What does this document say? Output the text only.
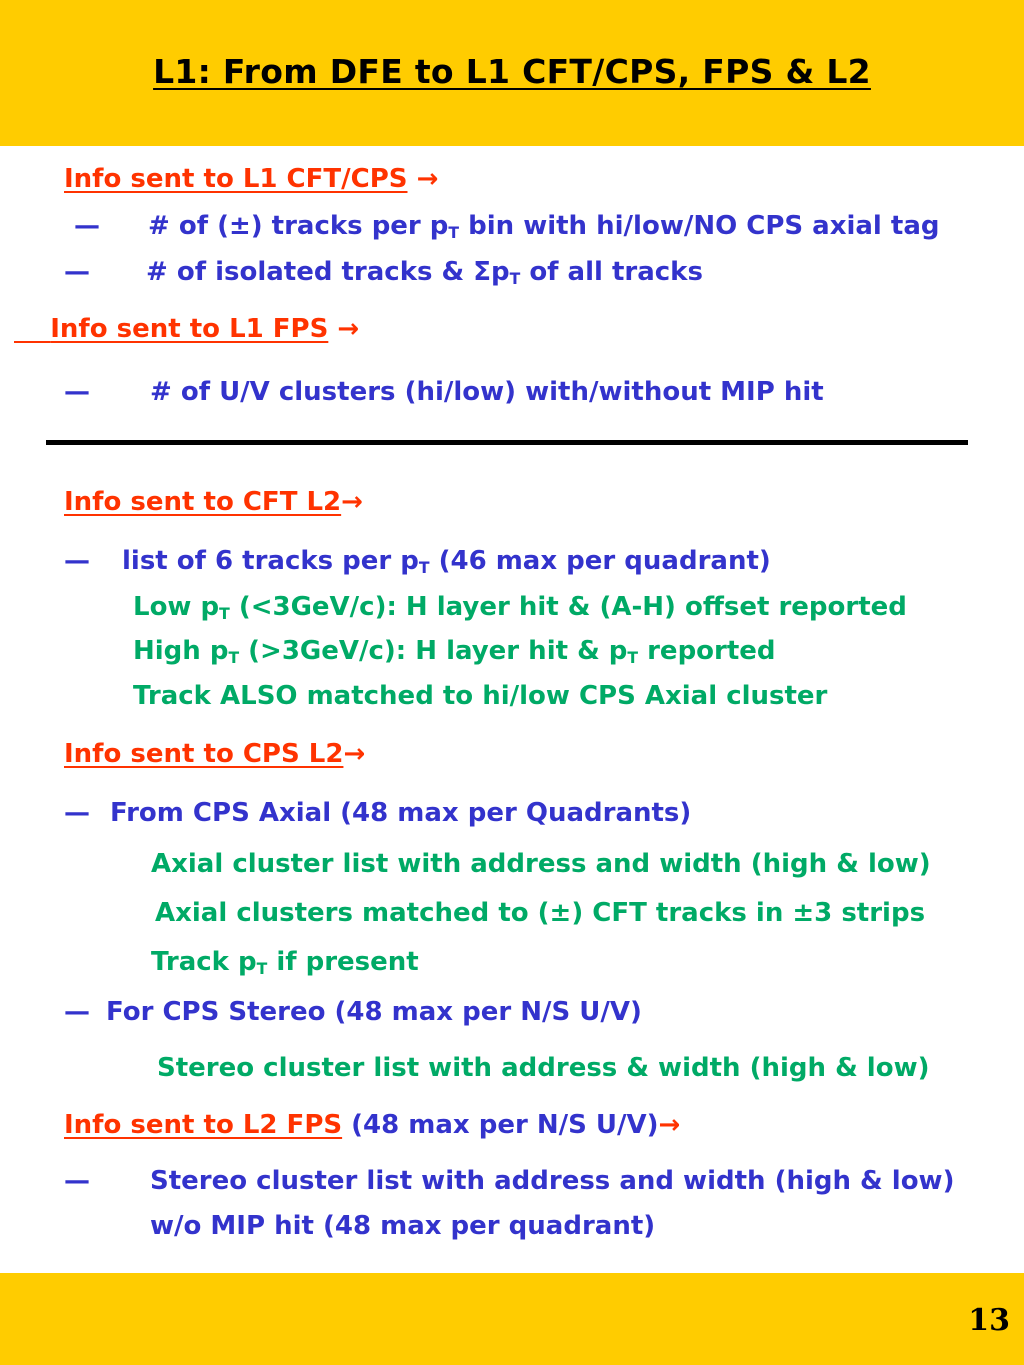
L1: From DFE to L1 CFT/CPS, FPS & L2
Info sent to L1 CFT/CPS →
— # of (±) tracks per $p_T$ bin with hi/low/NO CPS axial tag
— # of isolated tracks & $\Sigma p_T$ of all tracks
Info sent to L1 FPS →
— # of U/V clusters (hi/low) with/without MIP hit
Info sent to CFT L2→
— list of 6 tracks per $p_T$ (46 max per quadrant)
Low $p_T$ (<3GeV/c): H layer hit & (A-H) offset reported
High $p_T$ (>3GeV/c): H layer hit & $p_T$ reported
Track ALSO matched to hi/low CPS Axial cluster
Info sent to CPS L2→
— From CPS Axial (48 max per Quadrants)
Axial cluster list with address and width (high & low)
Axial clusters matched to (±) CFT tracks in ±3 strips
Track $p_T$ if present
— For CPS Stereo (48 max per N/S U/V)
Stereo cluster list with address & width (high & low)
Info sent to L2 FPS (48 max per N/S U/V)→
— Stereo cluster list with address and width (high & low)
w/o MIP hit (48 max per quadrant)
13
